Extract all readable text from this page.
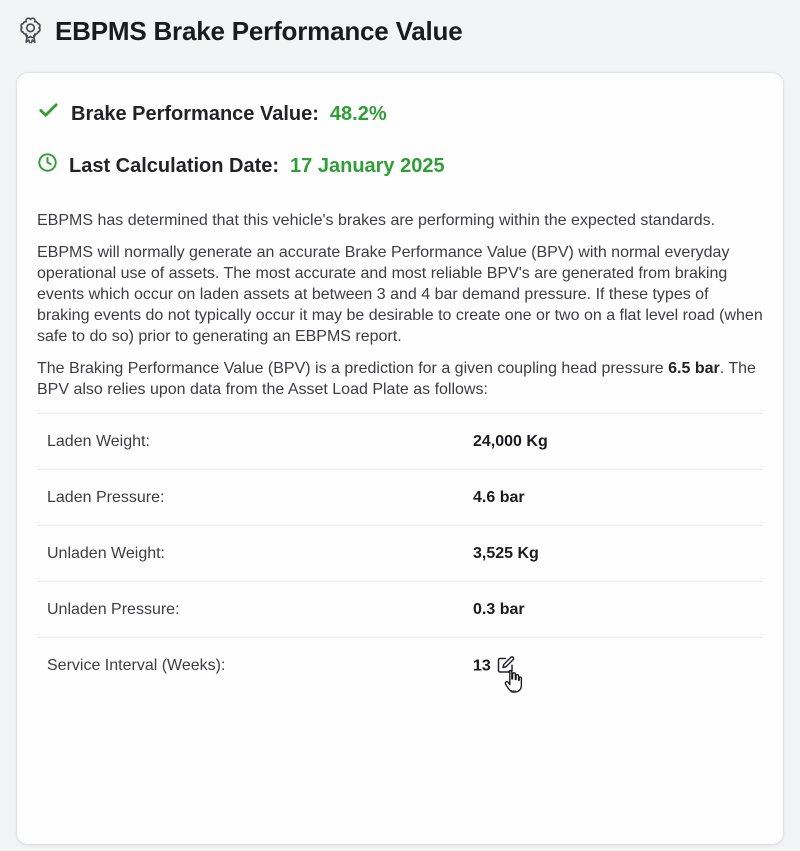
EBPMS Brake Performance Value
Brake Performance Value: 48.2%
Last Calculation Date: 17 January 2025

EBPMS has determined that this vehicle's brakes are performing within the expected standards.

EBPMS will normally generate an accurate Brake Performance Value (BPV) with normal everyday operational use of assets. The most accurate and most reliable BPV's are generated from braking events which occur on laden assets at between 3 and 4 bar demand pressure. If these types of braking events do not typically occur it may be desirable to create one or two on a flat level road (when safe to do so) prior to generating an EBPMS report.

The Braking Performance Value (BPV) is a prediction for a given coupling head pressure 6.5 bar. The BPV also relies upon data from the Asset Load Plate as follows:

Laden Weight:	24,000 Kg
Laden Pressure:	4.6 bar
Unladen Weight:	3,525 Kg
Unladen Pressure:	0.3 bar
Service Interval (Weeks):	13
